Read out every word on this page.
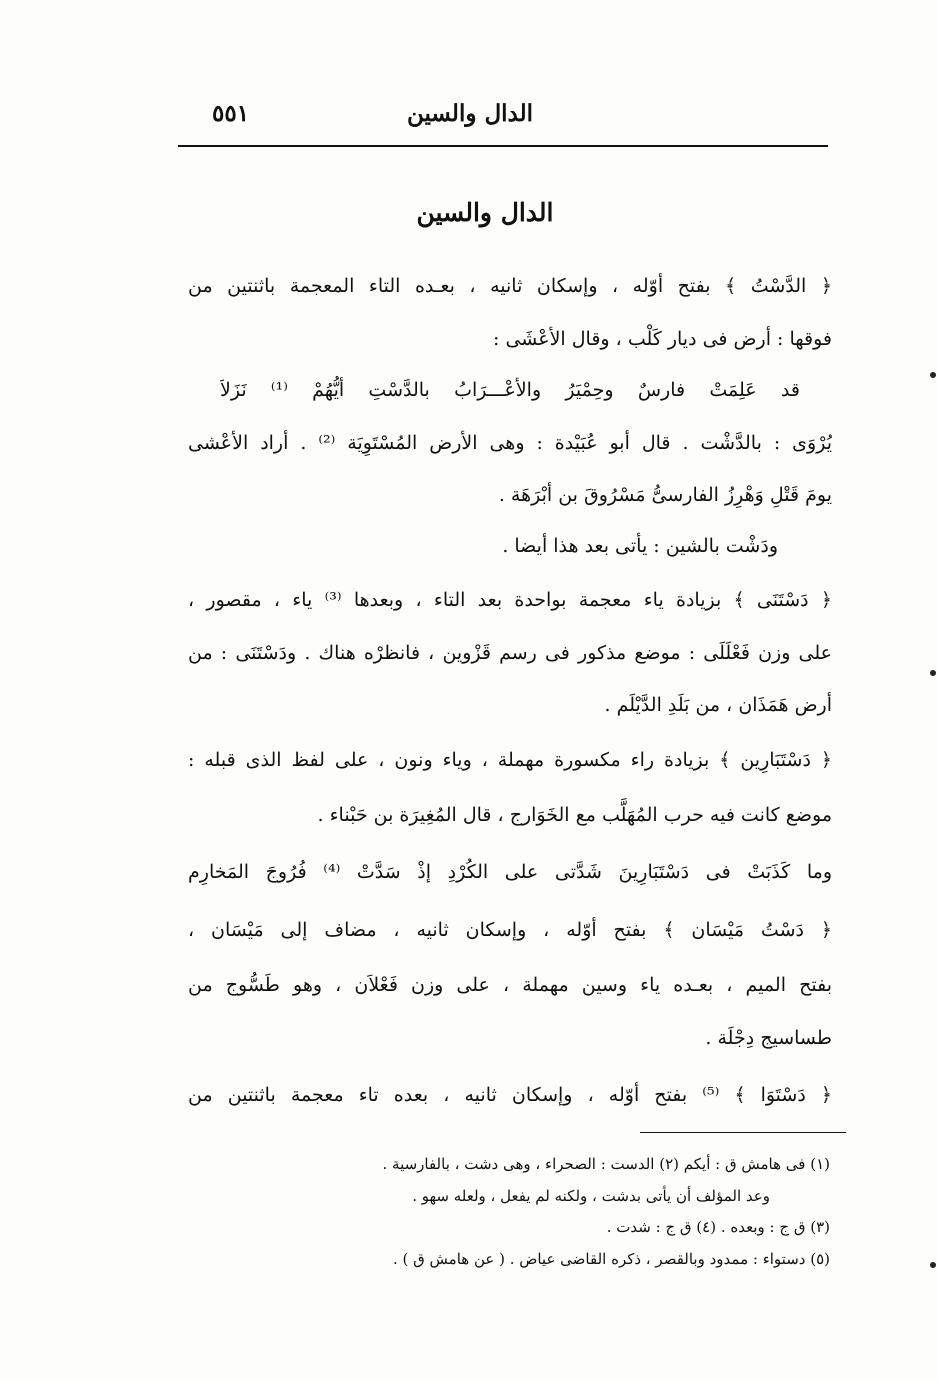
الدال والسين
٥٥١
الدال والسين
﴿ الدَّسْتُ ﴾ بفتح أوّله ، وإسكان ثانيه ، بعـده التاء المعجمة باثنتين من
فوقها : أرض فى ديار كَلْب ، وقال الأعْشَى :
قد عَلِمَتْ فارسٌ وحِمْيَرُ والأعْـــرَابُ بالدَّسْتِ أيُّهُمْ ⁽¹⁾ نَزَلاَ
يُرْوَى : بالدَّشْت . قال أبو عُبَيْدة : وهى الأرض المُسْتَوِيَة ⁽²⁾ . أراد الأعْشى
يومَ قَتْلِ وَهْرِزُ الفارسىُّ مَسْرُوقَ بن أبْرَهَة .
ودَشْت بالشين : يأتى بعد هذا أيضا .
﴿ دَسْتَنَى ﴾ بزيادة ياء معجمة بواحدة بعد التاء ، وبعدها ⁽³⁾ ياء ، مقصور ،
على وزن فَعْلَلَى : موضع مذكور فى رسم قَزْوين ، فانظرْه هناك . ودَسْتَنَى : من
أرض هَمَذَان ، من بَلَدِ الدَّيْلَم .
﴿ دَسْتَبَارِين ﴾ بزيادة راء مكسورة مهملة ، وياء ونون ، على لفظ الذى قبله :
موضع كانت فيه حرب المُهَلَّب مع الخَوَارج ، قال المُغِيرَة بن حَبْناء .
وما كَذَبَتْ فى دَسْتَبَارِينَ شَدَّتى على الكُرْدِ إذْ سَدَّتْ ⁽⁴⁾ فُرُوجَ المَخارِم
﴿ دَسْتُ مَيْسَان ﴾ بفتح أوّله ، وإسكان ثانيه ، مضاف إلى مَيْسَان ،
بفتح الميم ، بعـده ياء وسين مهملة ، على وزن فَعْلاَن ، وهو طَسُّوج من
طساسيج دِجْلَة .
﴿ دَسْتَوَا ﴾ ⁽⁵⁾ بفتح أوّله ، وإسكان ثانيه ، بعده تاء معجمة باثنتين من
(١) فى هامش ق : أيكم (٢) الدست : الصحراء ، وهى دشت ، بالفارسية .
وعد المؤلف أن يأتى بدشت ، ولكنه لم يفعل ، ولعله سهو .
(٣) ق ج : وبعده . (٤) ق ج : شدت .
(٥) دستواء : ممدود وبالقصر ، ذكره القاضى عياض . ( عن هامش ق ) .
